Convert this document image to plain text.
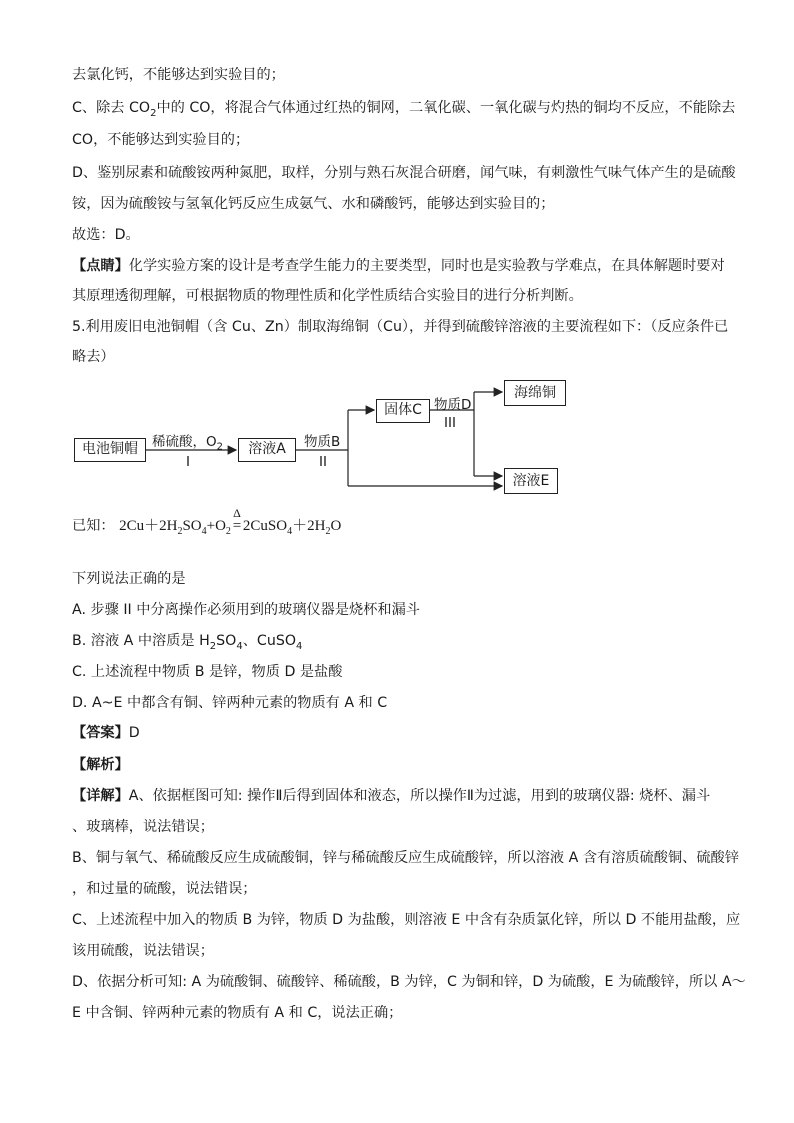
去氯化钙，不能够达到实验目的；
C、除去 $CO_2$中的 CO，将混合气体通过红热的铜网，二氧化碳、一氧化碳与灼热的铜均不反应，不能除去
CO，不能够达到实验目的；
D、鉴别尿素和硫酸铵两种氮肥，取样，分别与熟石灰混合研磨，闻气味，有刺激性气味气体产生的是硫酸
铵，因为硫酸铵与氢氧化钙反应生成氨气、水和磷酸钙，能够达到实验目的；
故选：D。
【点睛】化学实验方案的设计是考查学生能力的主要类型，同时也是实验教与学难点，在具体解题时要对
其原理透彻理解，可根据物质的物理性质和化学性质结合实验目的进行分析判断。
5.利用废旧电池铜帽（含 Cu、Zn）制取海绵铜（Cu），并得到硫酸锌溶液的主要流程如下：（反应条件已
略去）
电池铜帽	稀硫酸，$O_2$
I
溶液A	物质B
II
固体C 物质D
III
海绵铜
溶液E
已知： $2Cu+2H_2SO_4+O_2$
Δ
= $2CuSO_4+2H_2O$
下列说法正确的是
A. 步骤 II 中分离操作必须用到的玻璃仪器是烧杯和漏斗
B. 溶液 A 中溶质是 $H_2SO_4$、CuSO$_4$
C. 上述流程中物质 B 是锌，物质 D 是盐酸
D. A~E 中都含有铜、锌两种元素的物质有 A 和 C
【答案】D
【解析】
【详解】A、依据框图可知: 操作Ⅱ后得到固体和液态，所以操作Ⅱ为过滤，用到的玻璃仪器: 烧杯、漏斗
、玻璃棒，说法错误；
B、铜与氧气、稀硫酸反应生成硫酸铜，锌与稀硫酸反应生成硫酸锌，所以溶液 A 含有溶质硫酸铜、硫酸锌
，和过量的硫酸，说法错误；
C、上述流程中加入的物质 B 为锌，物质 D 为盐酸，则溶液 E 中含有杂质氯化锌，所以 D 不能用盐酸，应
该用硫酸，说法错误；
D、依据分析可知: A 为硫酸铜、硫酸锌、稀硫酸，B 为锌，C 为铜和锌，D 为硫酸，E 为硫酸锌，所以 A～
E 中含铜、锌两种元素的物质有 A 和 C，说法正确；
